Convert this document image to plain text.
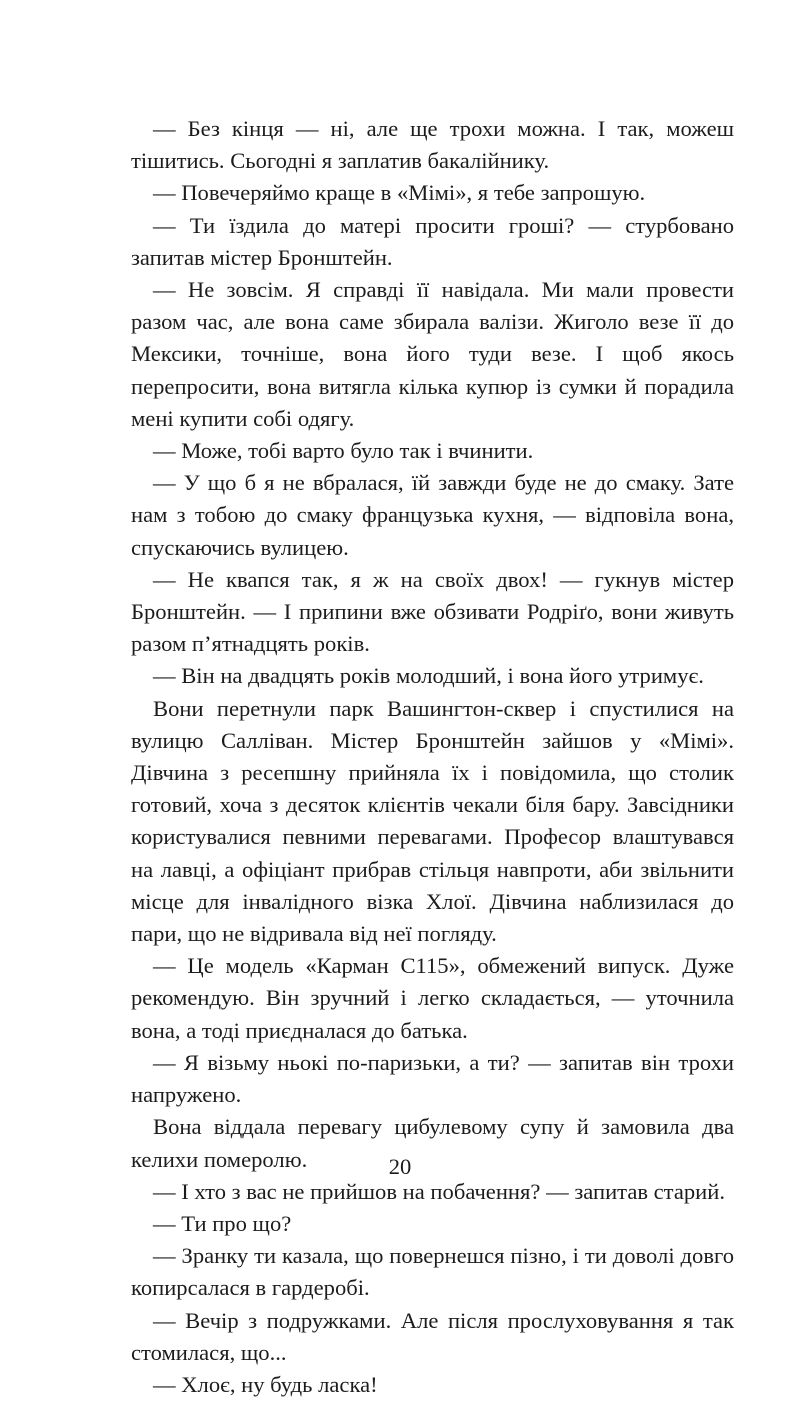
— Без кінця — ні, але ще трохи можна. І так, можеш тішитись. Сьогодні я заплатив бакалійнику.

— Повечеряймо краще в «Мімі», я тебе запрошую.

— Ти їздила до матері просити гроші? — стурбовано запитав містер Бронштейн.

— Не зовсім. Я справді її навідала. Ми мали провести разом час, але вона саме збирала валізи. Жиголо везе її до Мексики, точніше, вона його туди везе. І щоб якось перепросити, вона витягла кілька купюр із сумки й порадила мені купити собі одягу.

— Може, тобі варто було так і вчинити.

— У що б я не вбралася, їй завжди буде не до смаку. Зате нам з тобою до смаку французька кухня, — відповіла вона, спускаючись вулицею.

— Не квапся так, я ж на своїх двох! — гукнув містер Бронштейн. — І припини вже обзивати Родріґо, вони живуть разом п’ятнадцять років.

— Він на двадцять років молодший, і вона його утримує.

Вони перетнули парк Вашингтон-сквер і спустилися на вулицю Салліван. Містер Бронштейн зайшов у «Мімі». Дівчина з ресепшну прийняла їх і повідомила, що столик готовий, хоча з десяток клієнтів чекали біля бару. Завсідники користувалися певними перевагами. Професор влаштувався на лавці, а офіціант прибрав стільця навпроти, аби звільнити місце для інвалідного візка Хлої. Дівчина наблизилася до пари, що не відривала від неї погляду.

— Це модель «Карман С115», обмежений випуск. Дуже рекомендую. Він зручний і легко складається, — уточнила вона, а тоді приєдналася до батька.

— Я візьму ньокі по-паризьки, а ти? — запитав він трохи напружено.

Вона віддала перевагу цибулевому супу й замовила два келихи померолю.

— І хто з вас не прийшов на побачення? — запитав старий.

— Ти про що?

— Зранку ти казала, що повернешся пізно, і ти доволі довго копирсалася в гардеробі.

— Вечір з подружками. Але після прослуховування я так стомилася, що...

— Хлоє, ну будь ласка!

20
